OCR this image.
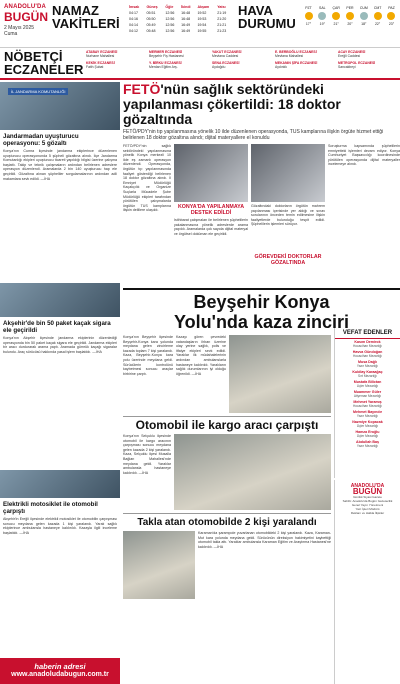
ANADOLU'DA
BUGÜN
2 Mayıs 2025 Cuma
NAMAZ
VAKİTLERİ
İmsak	Güneş	Öğle	İkindi	Akşam	Yatsı
04:17	05:51	12:56	16:48	19:52	21:19
04:16	05:50	12:56	16:48	19:53	21:20
04:14	05:49	12:56	16:49	19:54	21:21
04:12	05:48	12:56	16:49	19:55	21:23
HAVA
DURUMU
PZT
17°
SAL
19°
ÇAR
21°
PER
20°
CUM
18°
CMT
22°
PAZ
23°
NÖBETÇİ
ECZANELER
ATABAY ECZANESİ
Nurhane Mahallesi
MERMER ECZANESİ
Beyşehir Fiş Hastanesi
YAKUT ECZANESİ
Mevlana Caddesi
E. BERBOĞLU ECZANESİ
Mevlana Mahallesi
ACAY ECZANESİ
Ereğli Caddesi
KEKİK ECZANESİ
Fatih Şubat
Y. BİRKU ECZANESİ
Merdan Eğitim Arş.
SENA ECZANESİ
Aydoğdu
MEKANIN ŞİFA ECZANESİ
Aydınlık
METROPOL ECZANESİ
Sancakbeyi
İL JANDARMA KOMUTANLIĞI
Jandarmadan uyuşturucu operasyonu: 5 gözaltı
Konya'nın Cumra ilçesinde jandarma ekiplerince düzenlenen uyuşturucu operasyonunda 5 şüpheli gözaltına alındı. İlçe Jandarma Komutanlığı ekipleri uyuşturucu ticareti yapıldığı bilgisi üzerine çalışma başlattı. Takip ve teknik çalışmaların ardından belirlenen adreslere operasyon düzenlendi. Aramalarda 2 bin 140 uyuşturucu hap ele geçirildi. Gözaltına alınan şüpheliler sorgulamalarının ardından adli makamlara sevk edildi. —İHA
Akşehir'de bin 50 paket kaçak sigara ele geçirildi
Konya'nın Akşehir ilçesinde jandarma ekiplerinin düzenlediği operasyonda bin 50 paket kaçak sigara ele geçirildi. Jandarma ekipleri bir aracı durdurarak arama yaptı. Aramada gümrük kaçağı sigaralar bulundu. Araç sürücüsü hakkında yasal işlem başlatıldı. —İHA
Elektrikli motosiklet ile otomobil çarpıştı
Akşehir'in Ereğli ilçesinde elektrikli motosiklet ile otomobilin çarpışması sonucu meydana gelen kazada 1 kişi yaralandı. Yaralı sağlık ekiplerince ambulansla hastaneye kaldırıldı. Kazayla ilgili inceleme başlatıldı. —İHA
haberin adresi
www.anadoludabugun.com.tr
FETÖ'nün sağlık sektöründeki yapılanması çökertildi: 18 doktor gözaltında
FETÖ/PDY'nin tıp yapılanmasına yönelik 10 ilde düzenlenen operasyonda, TUS kamplarına ilişkin örgüte hizmet ettiği belirlenen 18 doktor gözaltına alındı; dijital materyallere el konuldu
FETÖ/PDY'nin sağlık sektöründeki yapılanmasına yönelik Konya merkezli 10 ilde eş zamanlı operasyon düzenlendi. Operasyonda, örgütün tıp yapılanmasında faaliyet gösterdiği belirlenen 18 doktor gözaltına alındı. İl Emniyet Müdürlüğü Kaçakçılık ve Organize Suçlarla Mücadele Şube Müdürlüğü ekipleri tarafından yürütülen çalışmalarda örgütün TUS kamplarına ilişkin delillere ulaşıldı.
KONYA'DA YAPILANMAYA DESTEK EDİLDİ
İstihbarat çalışmaları ile belirlenen şüphelilerin yakalanmasına yönelik adreslerde arama yapıldı. Aramalarda çok sayıda dijital materyal ve örgütsel doküman ele geçirildi.
Gözaltındaki doktorların örgütün mahrem yapılanması içerisinde yer aldığı ve sınav sorularının önceden temin edilmesine ilişkin faaliyetlerde bulunduğu tespit edildi. Şüphelilerin işlemleri sürüyor.
GÖREVDEKİ DOKTORLAR GÖZALTINDA
Soruşturma kapsamında şüphelilerin emniyetteki işlemleri devam ediyor. Konya Cumhuriyet Başsavcılığı koordinesinde yürütülen operasyonda dijital materyaller incelemeye alındı.
Beyşehir Konya
Yolu'nda kaza zinciri
Konya'nın Beyşehir ilçesinde Beyşehir-Konya kara yolunda meydana gelen zincirleme kazada toplam 7 kişi yaralandı. Kaza, Beyşehir-Konya kara yolu üzerinde meydana geldi. Sürücülerin kontrolünü kaybetmesi sonucu araçlar birbirine çarptı.
Kazayı gören çevredeki vatandaşların ihbarı üzerine olay yerine sağlık, polis ve itfaiye ekipleri sevk edildi. Yaralılar ilk müdahalelerinin ardından ambulanslarla hastaneye kaldırıldı. Yaralıların sağlık durumlarının iyi olduğu öğrenildi. —İHA
Otomobil ile kargo aracı çarpıştı
Konya'nın Selçuklu ilçesinde otomobil ile kargo aracının çarpışması sonucu meydana gelen kazada 2 kişi yaralandı. Kaza, Selçuklu ilçesi Musalla Bağları Mahallesi'nde meydana geldi. Yaralılar ambulansla hastaneye kaldırıldı. —İHA
Takla atan otomobilde 2 kişi yaralandı
Karaman'da şarampole yuvarlanan otomobildeki 2 kişi yaralandı. Kaza, Karaman-Mut kara yolunda meydana geldi. Sürücünün direksiyon hakimiyetini kaybettiği otomobil takla attı. Yaralılar ambulansla Karaman Eğitim ve Araştırma Hastanesi'ne kaldırıldı. —İHA
VEFAT EDENLER
Kasım Demirok
Hocacihan Mezarlığı
Havva Gündoğan
Hocacihan Mezarlığı
Musa Dağlı
Yazır Mezarlığı
Kubilay Karaağaç
Sırt Mezarlığı
Mustafa Bilictan
Uçler Mezarlığı
Muammer Güler
Atiyeman Mezarlığı
Mehmet Yaramış
Hocacihan Mezarlığı
Mehmet Bayındır
Yazır Mezarlığı
Nazmiye Kopacak
Üçler Mezarlığı
Hamza Eroğlu
Üçler Mezarlığı
Abdullah Baş
Yazır Mezarlığı
ANADOLU'DA
BUGÜN
Günlük Siyasi Gazete
Sahibi: Anadolu'da Bugün Gazetecilik
Genel Yayın Yönetmeni
Yazı İşleri Müdürü
Reklam ve Halkla İlişkiler
